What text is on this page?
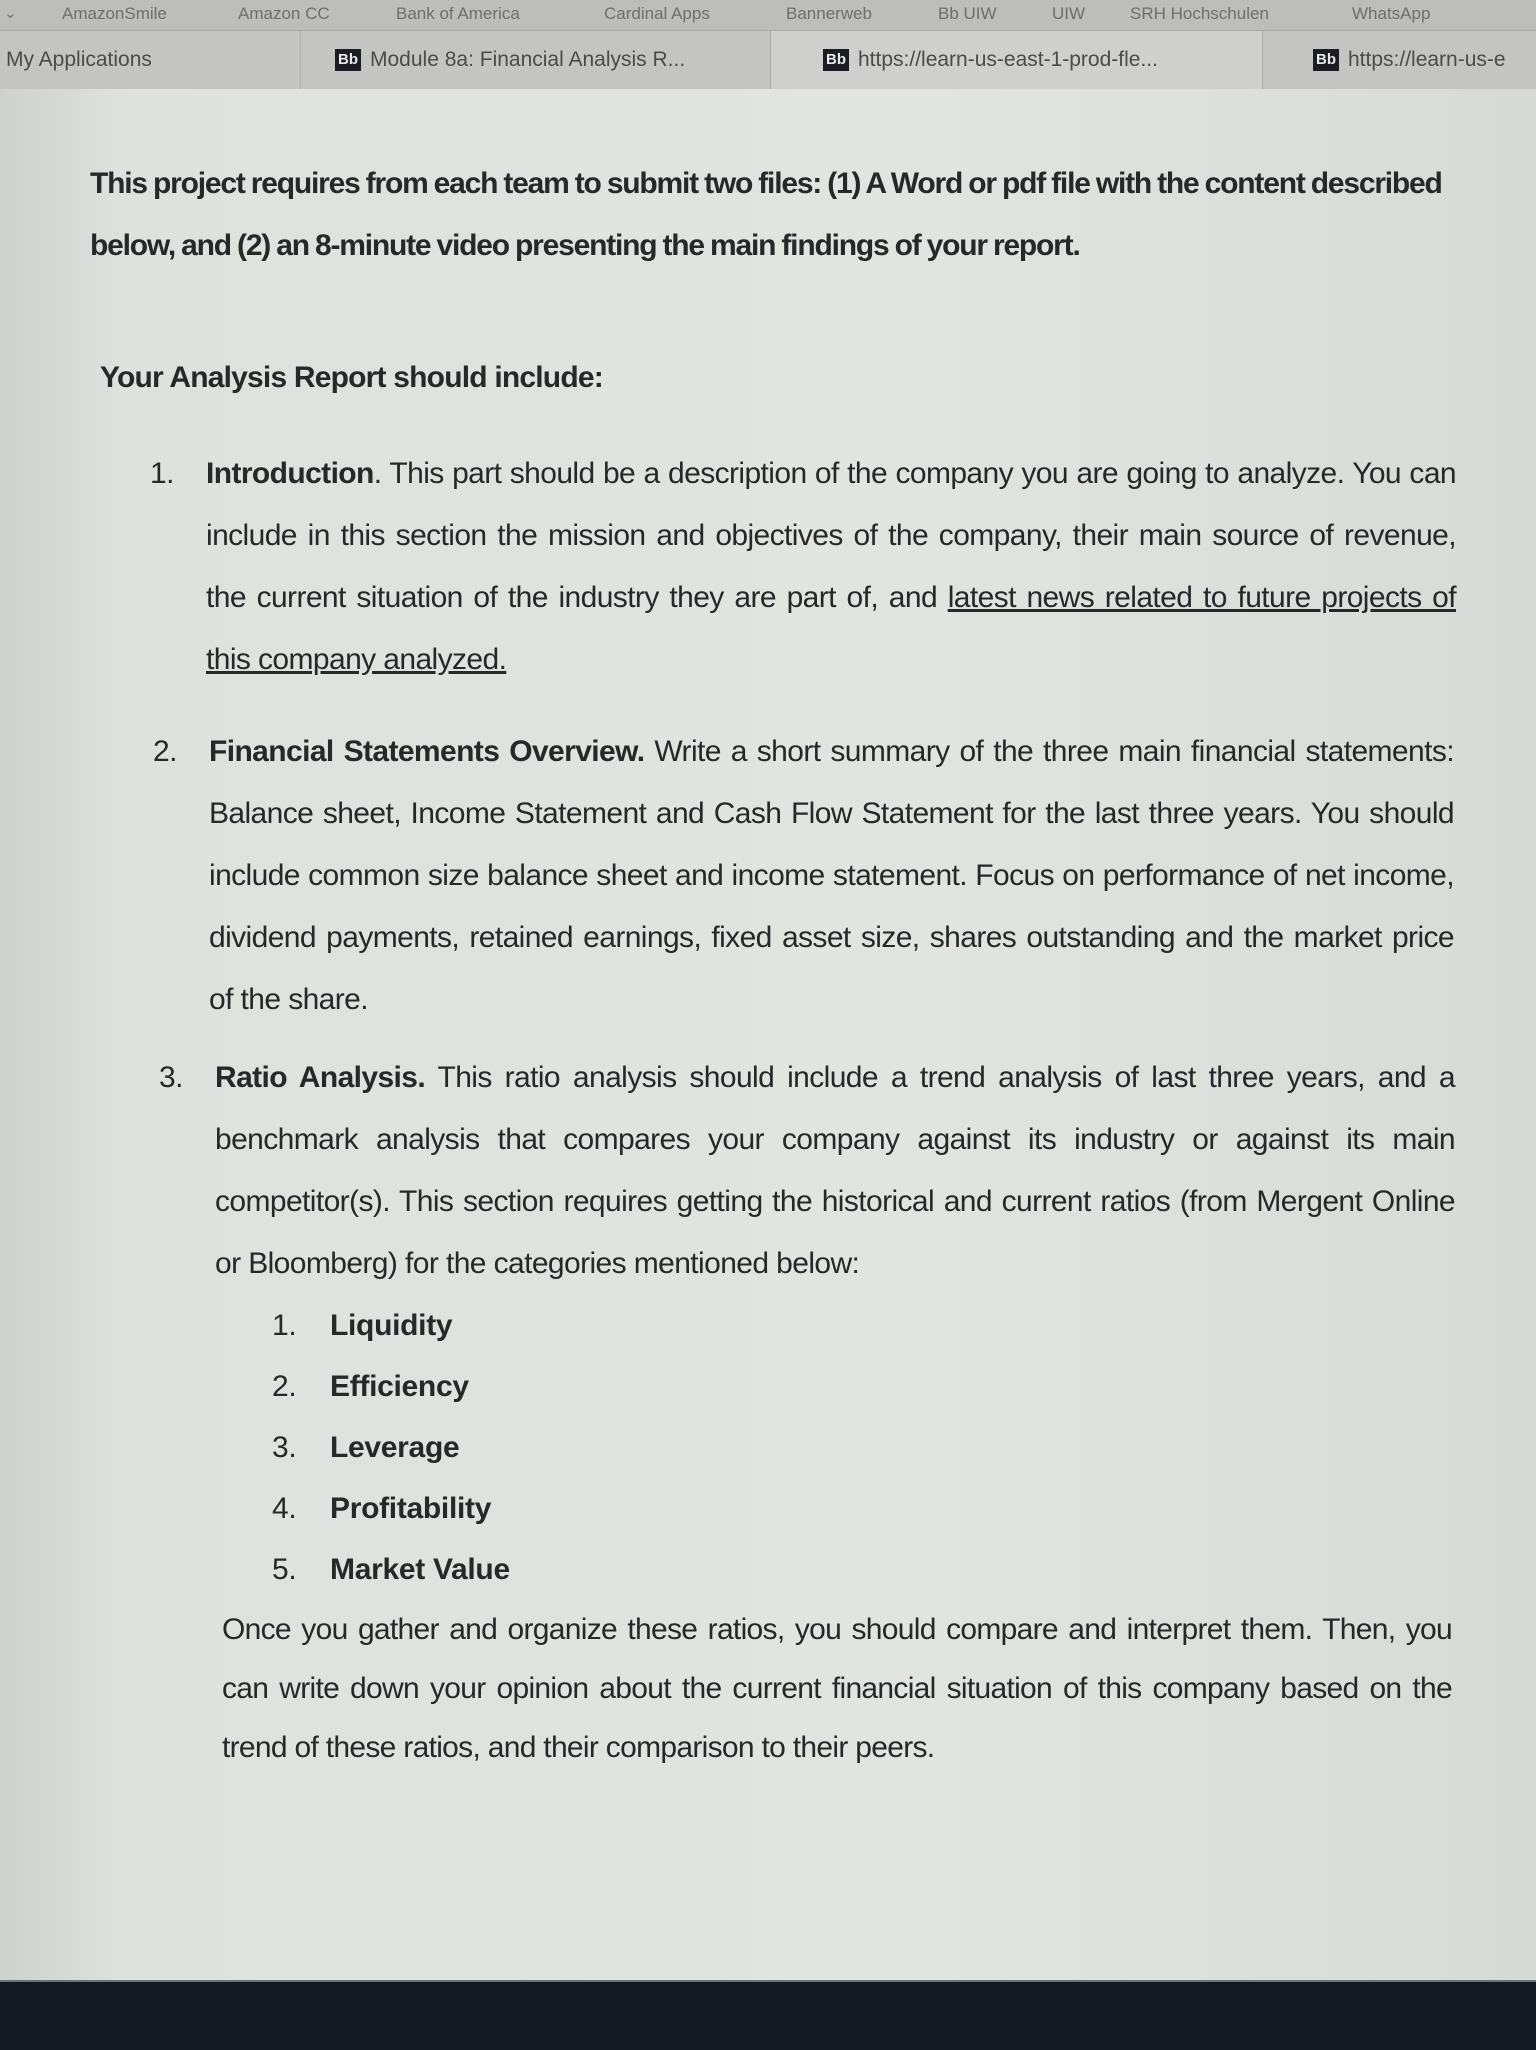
⌄	AmazonSmile	Amazon CC	Bank of America	Cardinal Apps	Bannerweb	Bb UIW	UIW	SRH Hochschulen	WhatsApp
My Applications	Bb Module 8a: Financial Analysis R...	Bb https://learn-us-east-1-prod-fle...	Bb https://learn-us-e

This project requires from each team to submit two files: (1) A Word or pdf file with the content described below, and (2) an 8-minute video presenting the main findings of your report.

Your Analysis Report should include:

1. Introduction. This part should be a description of the company you are going to analyze. You can include in this section the mission and objectives of the company, their main source of revenue, the current situation of the industry they are part of, and latest news related to future projects of this company analyzed.
2. Financial Statements Overview. Write a short summary of the three main financial statements: Balance sheet, Income Statement and Cash Flow Statement for the last three years. You should include common size balance sheet and income statement. Focus on performance of net income, dividend payments, retained earnings, fixed asset size, shares outstanding and the market price of the share.
3. Ratio Analysis. This ratio analysis should include a trend analysis of last three years, and a benchmark analysis that compares your company against its industry or against its main competitor(s). This section requires getting the historical and current ratios (from Mergent Online or Bloomberg) for the categories mentioned below:
1. Liquidity
2. Efficiency
3. Leverage
4. Profitability
5. Market Value

Once you gather and organize these ratios, you should compare and interpret them. Then, you can write down your opinion about the current financial situation of this company based on the trend of these ratios, and their comparison to their peers.
